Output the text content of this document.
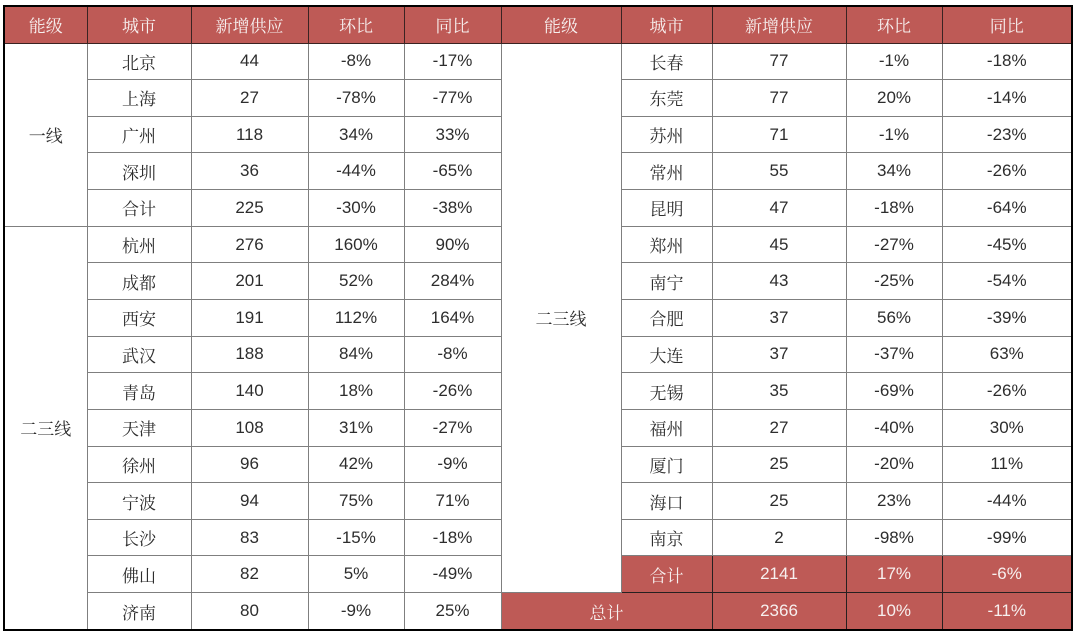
能级	城市	新增供应	环比	同比	能级	城市	新增供应	环比	同比
一线	北京	44	-8%	-17%	二三线	长春	77	-1%	-18%
	上海	27	-78%	-77%		东莞	77	20%	-14%
	广州	118	34%	33%		苏州	71	-1%	-23%
	深圳	36	-44%	-65%		常州	55	34%	-26%
	合计	225	-30%	-38%		昆明	47	-18%	-64%
二三线	杭州	276	160%	90%		郑州	45	-27%	-45%
	成都	201	52%	284%		南宁	43	-25%	-54%
	西安	191	112%	164%		合肥	37	56%	-39%
	武汉	188	84%	-8%		大连	37	-37%	63%
	青岛	140	18%	-26%		无锡	35	-69%	-26%
	天津	108	31%	-27%		福州	27	-40%	30%
	徐州	96	42%	-9%		厦门	25	-20%	11%
	宁波	94	75%	71%		海口	25	23%	-44%
	长沙	83	-15%	-18%		南京	2	-98%	-99%
	佛山	82	5%	-49%		合计	2141	17%	-6%
	济南	80	-9%	25%	总计		2366	10%	-11%
